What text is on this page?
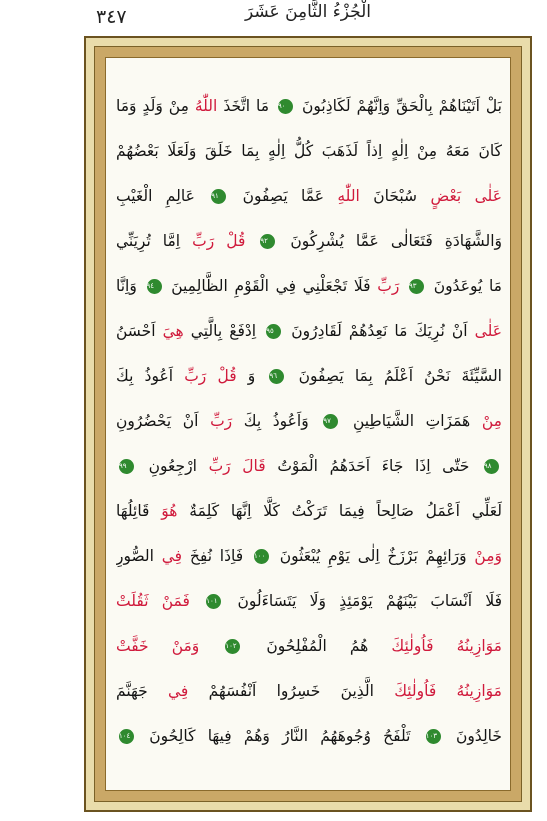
٣٤٧	الْجُزْءُ الثَّامِنَ عَشَرَ
بَلْ اَتَيْنَاهُمْ بِالْحَقِّ وَاِنَّهُمْ لَكَاذِبُونَ ٩٠ مَا اتَّخَذَ اللّٰهُ مِنْ وَلَدٍ وَمَا
كَانَ مَعَهُ مِنْ اِلٰهٍ اِذاً لَذَهَبَ كُلُّ اِلٰهٍ بِمَا خَلَقَ وَلَعَلَا بَعْضُهُمْ
عَلٰى بَعْضٍ سُبْحَانَ اللّٰهِ عَمَّا يَصِفُونَ ٩١ عَالِمِ الْغَيْبِ
وَالشَّهَادَةِ فَتَعَالٰى عَمَّا يُشْرِكُونَ ٩٢ قُلْ رَبِّ اِمَّا تُرِيَنِّي
مَا يُوعَدُونَ ٩٣ رَبِّ فَلَا تَجْعَلْنِي فِي الْقَوْمِ الظَّالِمِينَ ٩٤ وَاِنَّا
عَلٰى اَنْ نُرِيَكَ مَا نَعِدُهُمْ لَقَادِرُونَ ٩٥ اِدْفَعْ بِالَّتِي هِيَ اَحْسَنُ
السَّيِّئَةَ نَحْنُ اَعْلَمُ بِمَا يَصِفُونَ ٩٦ وَ قُلْ رَبِّ اَعُوذُ بِكَ
مِنْ هَمَزَاتِ الشَّيَاطِينِ ٩٧ وَاَعُوذُ بِكَ رَبِّ اَنْ يَحْضُرُونِ
٩٨ حَتّٰى اِذَا جَاءَ اَحَدَهُمُ الْمَوْتُ قَالَ رَبِّ ارْجِعُونِ ٩٩
لَعَلِّي اَعْمَلُ صَالِحاً فِيمَا تَرَكْتُ كَلَّا اِنَّهَا كَلِمَةٌ هُوَ قَائِلُهَا
وَمِنْ وَرَائِهِمْ بَرْزَخٌ اِلٰى يَوْمِ يُبْعَثُونَ ١٠٠ فَاِذَا نُفِخَ فِي الصُّورِ
فَلَا اَنْسَابَ بَيْنَهُمْ يَوْمَئِذٍ وَلَا يَتَسَاءَلُونَ ١٠١ فَمَنْ ثَقُلَتْ
مَوَازِينُهُ فَاُولٰئِكَ هُمُ الْمُفْلِحُونَ ١٠٢ وَمَنْ خَفَّتْ
مَوَازِينُهُ فَاُولٰئِكَ الَّذِينَ خَسِرُوا اَنْفُسَهُمْ فِي جَهَنَّمَ
خَالِدُونَ ١٠٣ تَلْفَحُ وُجُوهَهُمُ النَّارُ وَهُمْ فِيهَا كَالِحُونَ ١٠٤
